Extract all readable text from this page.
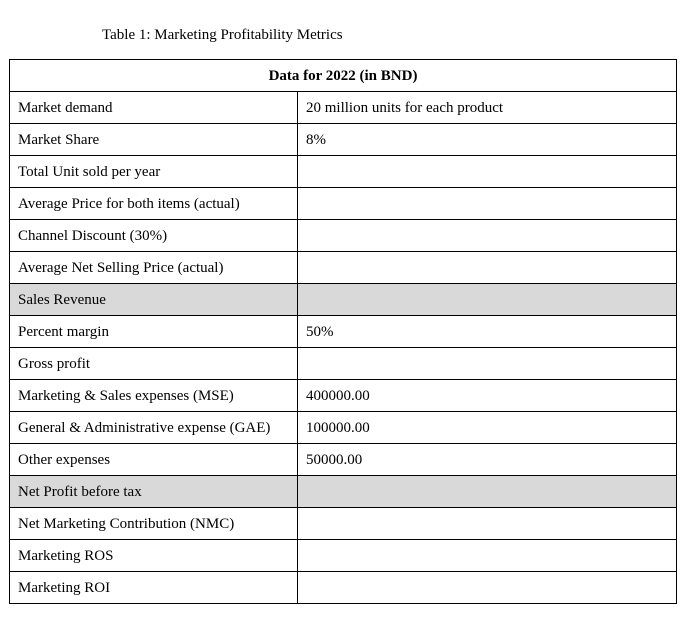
Table 1: Marketing Profitability Metrics
Data for 2022 (in BND)	
Market demand	20 million units for each product
Market Share	8%
Total Unit sold per year	
Average Price for both items (actual)	
Channel Discount (30%)	
Average Net Selling Price (actual)	
Sales Revenue	
Percent margin	50%
Gross profit	
Marketing & Sales expenses (MSE)	400000.00
General & Administrative expense (GAE)	100000.00
Other expenses	50000.00
Net Profit before tax	
Net Marketing Contribution (NMC)	
Marketing ROS	
Marketing ROI	
